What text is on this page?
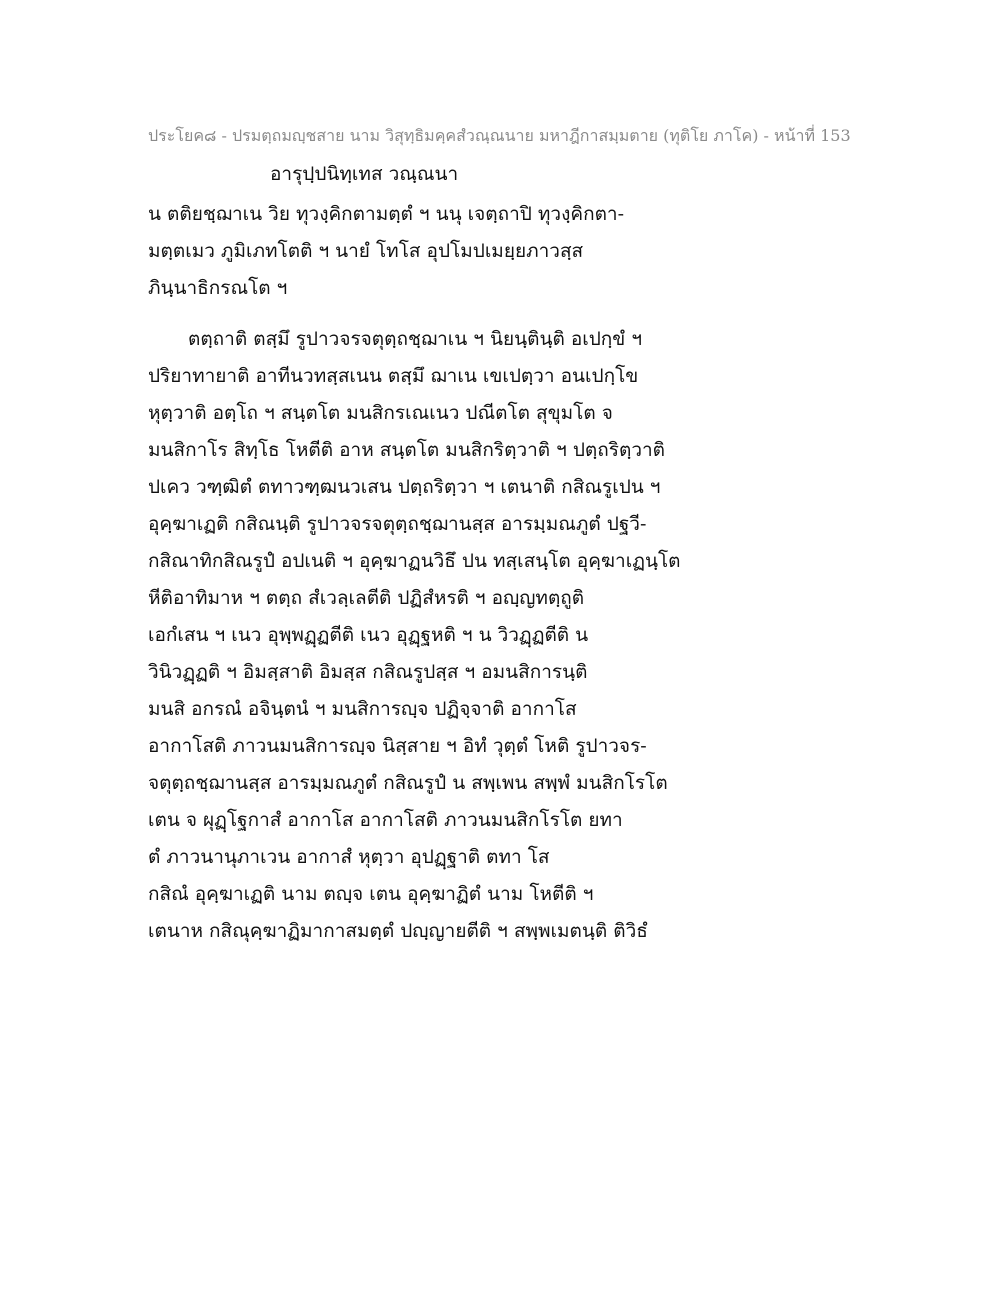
ประโยค๘ - ปรมตฺถมญฺชสาย นาม วิสุทฺธิมคฺคสํวณฺณนาย มหาฎีกาสมฺมตาย (ทุติโย ภาโค) - หน้าที่ 153
อารุปฺปนิทฺเทส วณฺณนา
น ตติยชฺฌาเน วิย ทุวงฺคิกตามตฺตํ ฯ นนุ เจตฺถาปิ ทุวงฺคิกตา-
มตฺตเมว ภูมิเภทโตติ ฯ นายํ โทโส อุปโมปเมยฺยภาวสฺส
ภินฺนาธิกรณโต ฯ
ตตฺถาติ ตสฺมึ รูปาวจรจตุตฺถชฺฌาเน ฯ นิยนฺตินฺติ อเปกฺขํ ฯ
ปริยาทายาติ อาทีนวทสฺสเนน ตสฺมึ ฌาเน เขเปตฺวา อนเปกฺโข
หุตฺวาติ อตฺโถ ฯ สนฺตโต มนสิกรเณเนว ปณีตโต สุขุมโต จ
มนสิกาโร สิทฺโธ โหตีติ อาห สนฺตโต มนสิกริตฺวาติ ฯ ปตฺถริตฺวาติ
ปเคว วฑฺฒิตํ ตทาวฑฺฒนวเสน ปตฺถริตฺวา ฯ เตนาติ กสิณรูเปน ฯ
อุคฺฆาเฏติ กสิณนฺติ รูปาวจรจตุตฺถชฺฌานสฺส อารมฺมณภูตํ ปฐวี-
กสิณาทิกสิณรูปํ อปเนติ ฯ อุคฺฆาฏนวิธึ ปน ทสฺเสนฺโต อุคฺฆาเฏนฺโต
หีติอาทิมาห ฯ ตตฺถ สํเวลฺเลตีติ ปฏิสํหรติ ฯ อญฺญทตฺถูติ
เอกํเสน ฯ เนว อุพฺพฏฺฏตีติ เนว อุฏฺฐหติ ฯ น วิวฏฺฏตีติ น
วินิวฏฺฏติ ฯ อิมสฺสาติ อิมสฺส กสิณรูปสฺส ฯ อมนสิการนฺติ
มนสิ อกรณํ อจินฺตนํ ฯ มนสิการญฺจ ปฏิจฺจาติ อากาโส
อากาโสติ ภาวนมนสิการญฺจ นิสฺสาย ฯ อิทํ วุตฺตํ โหติ รูปาวจร-
จตุตฺถชฺฌานสฺส อารมฺมณภูตํ กสิณรูปํ น สพฺเพน สพฺพํ มนสิกโรโต
เตน จ ผุฏฺโฐกาสํ อากาโส อากาโสติ ภาวนมนสิกโรโต ยทา
ตํ ภาวนานุภาเวน อากาสํ หุตฺวา อุปฏฺฐาติ ตทา โส
กสิณํ อุคฺฆาเฏติ นาม ตญฺจ เตน อุคฺฆาฏิตํ นาม โหตีติ ฯ
เตนาห กสิณุคฺฆาฏิมากาสมตฺตํ ปญฺญายตีติ ฯ สพฺพเมตนฺติ ติวิธํ
